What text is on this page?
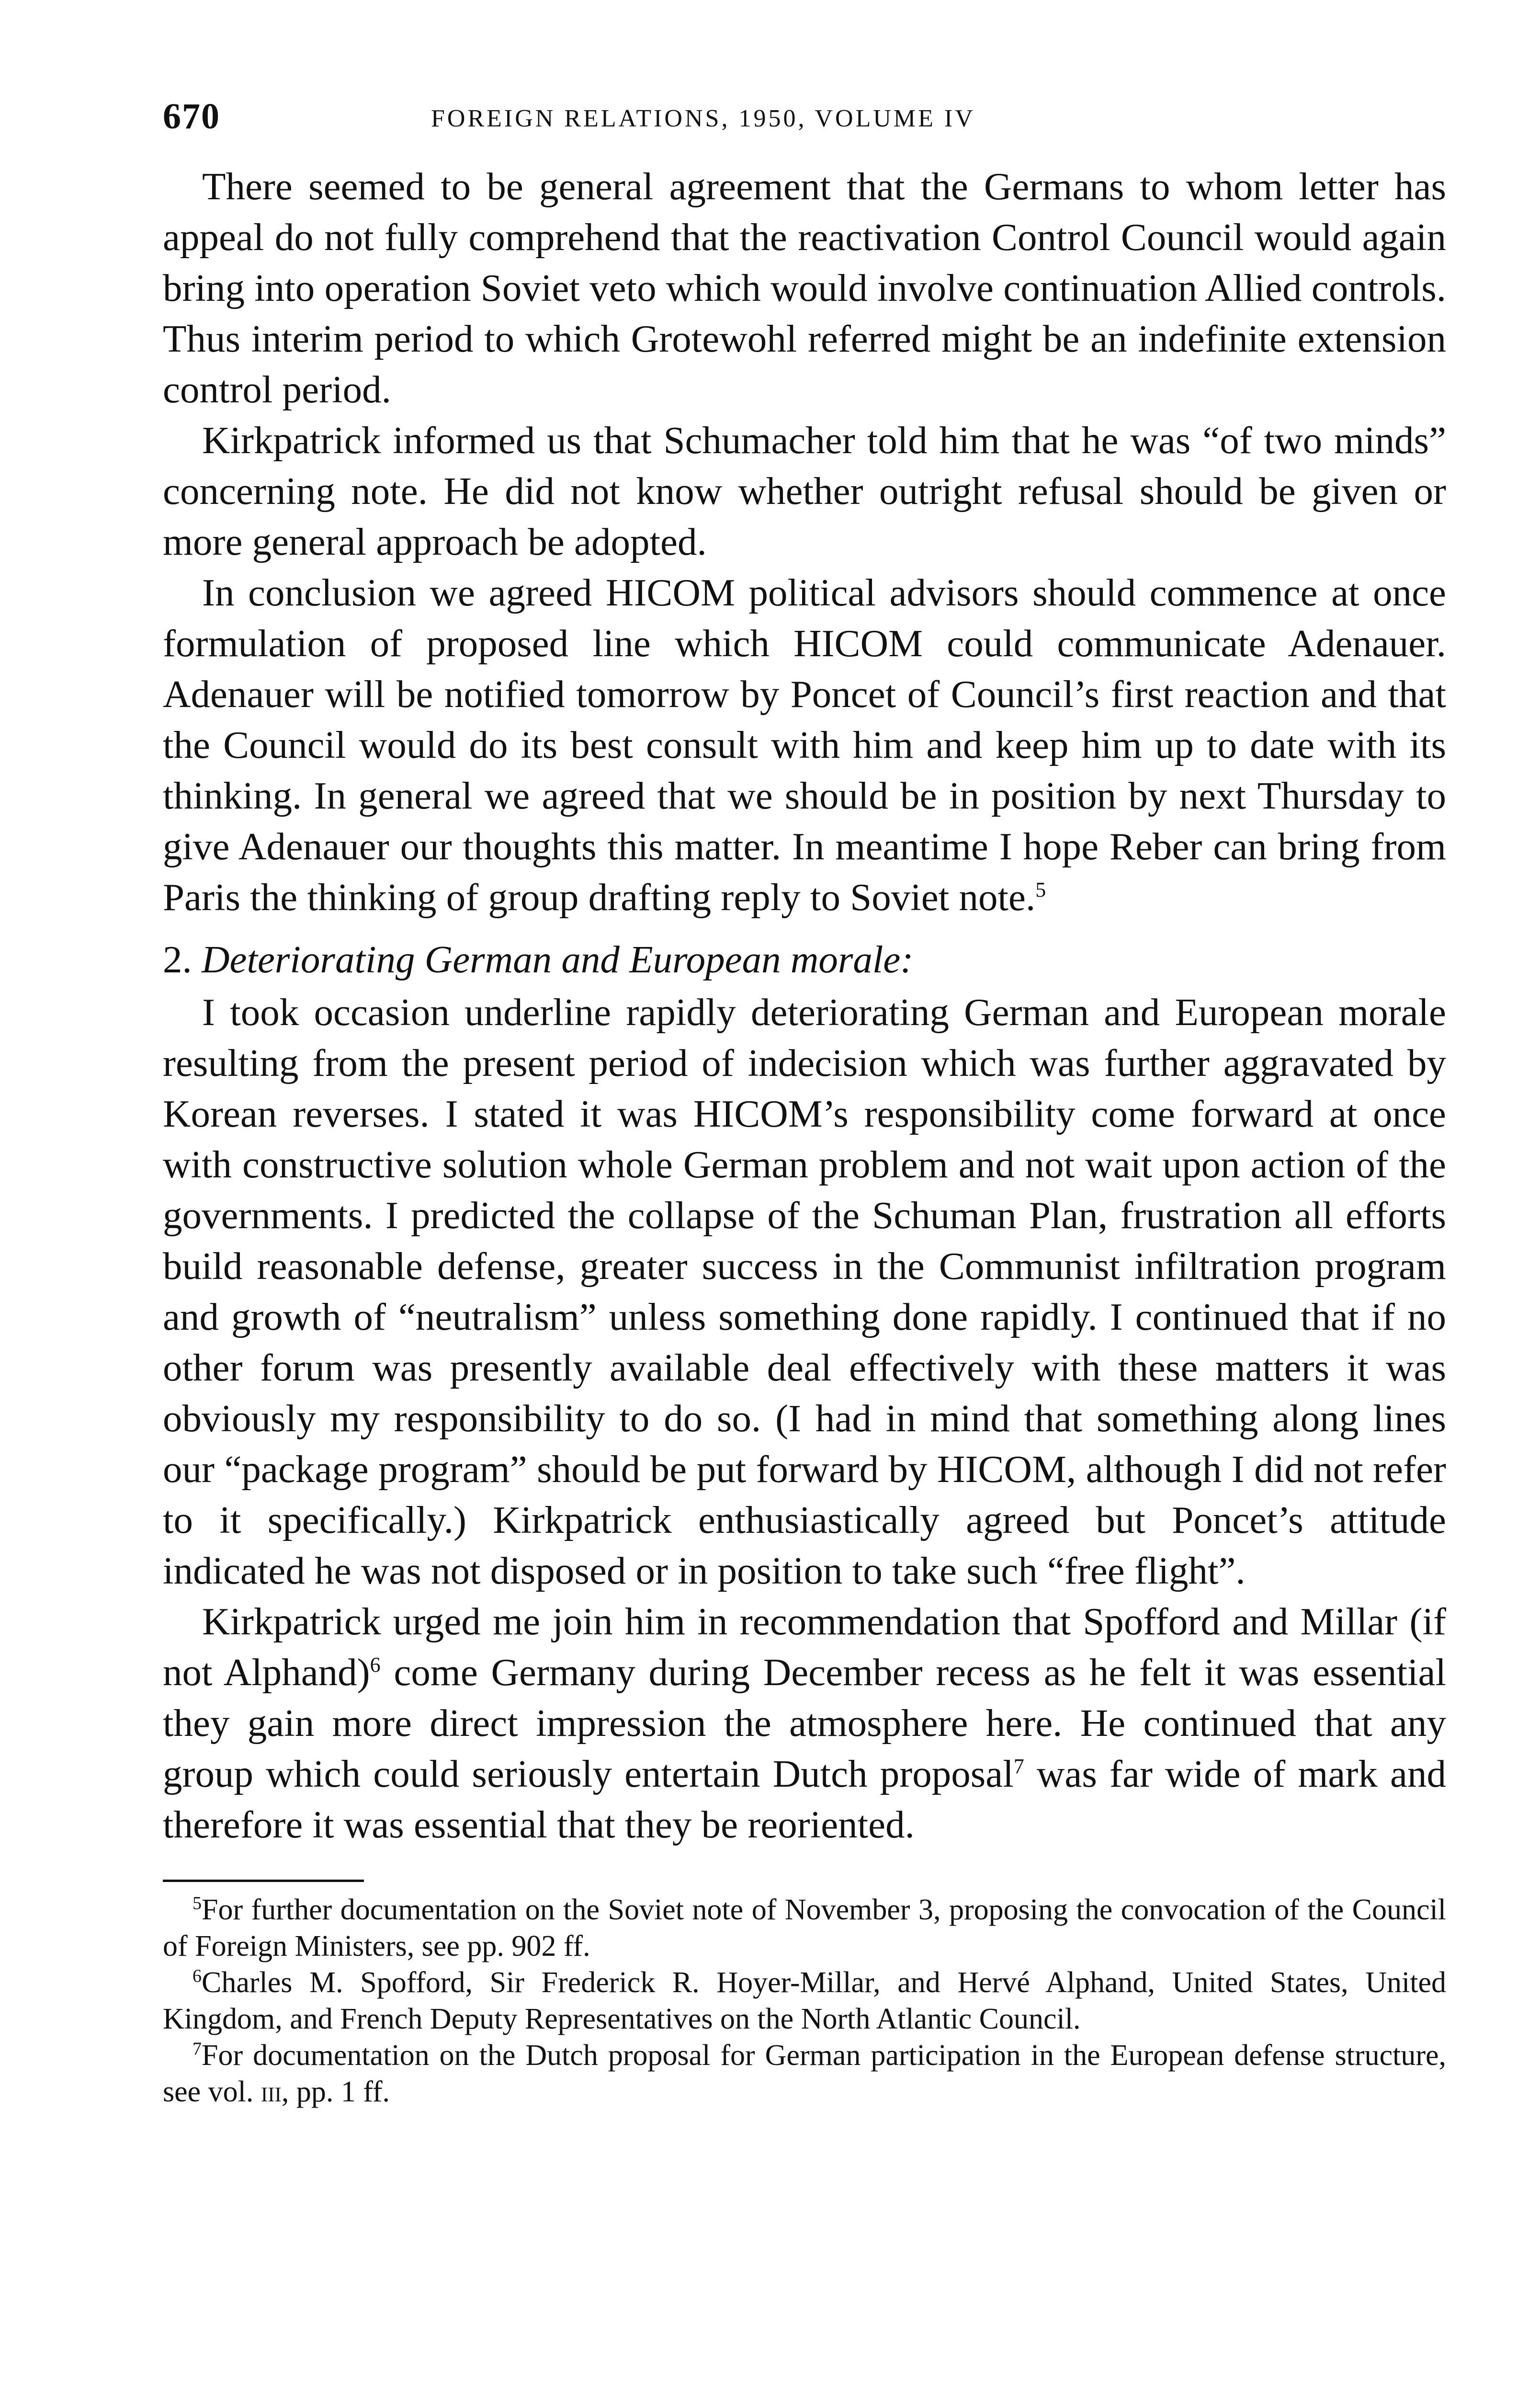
670	FOREIGN RELATIONS, 1950, VOLUME IV

There seemed to be general agreement that the Germans to whom letter has appeal do not fully comprehend that the reactivation Control Council would again bring into operation Soviet veto which would involve continuation Allied controls. Thus interim period to which Grotewohl referred might be an indefinite extension control period.

Kirkpatrick informed us that Schumacher told him that he was “of two minds” concerning note. He did not know whether outright refusal should be given or more general approach be adopted.

In conclusion we agreed HICOM political advisors should commence at once formulation of proposed line which HICOM could communicate Adenauer. Adenauer will be notified tomorrow by Poncet of Council’s first reaction and that the Council would do its best consult with him and keep him up to date with its thinking. In general we agreed that we should be in position by next Thursday to give Adenauer our thoughts this matter. In meantime I hope Reber can bring from Paris the thinking of group drafting reply to Soviet note.$^5$

2. Deteriorating German and European morale:

I took occasion underline rapidly deteriorating German and European morale resulting from the present period of indecision which was further aggravated by Korean reverses. I stated it was HICOM’s responsibility come forward at once with constructive solution whole German problem and not wait upon action of the governments. I predicted the collapse of the Schuman Plan, frustration all efforts build reasonable defense, greater success in the Communist infiltration program and growth of “neutralism” unless something done rapidly. I continued that if no other forum was presently available deal effectively with these matters it was obviously my responsibility to do so. (I had in mind that something along lines our “package program” should be put forward by HICOM, although I did not refer to it specifically.) Kirkpatrick enthusiastically agreed but Poncet’s attitude indicated he was not disposed or in position to take such “free flight”.

Kirkpatrick urged me join him in recommendation that Spofford and Millar (if not Alphand)$^6$ come Germany during December recess as he felt it was essential they gain more direct impression the atmosphere here. He continued that any group which could seriously entertain Dutch proposal$^7$ was far wide of mark and therefore it was essential that they be reoriented.

$^5$For further documentation on the Soviet note of November 3, proposing the convocation of the Council of Foreign Ministers, see pp. 902 ff.

$^6$Charles M. Spofford, Sir Frederick R. Hoyer-Millar, and Hervé Alphand, United States, United Kingdom, and French Deputy Representatives on the North Atlantic Council.

$^7$For documentation on the Dutch proposal for German participation in the European defense structure, see vol. iii, pp. 1 ff.
